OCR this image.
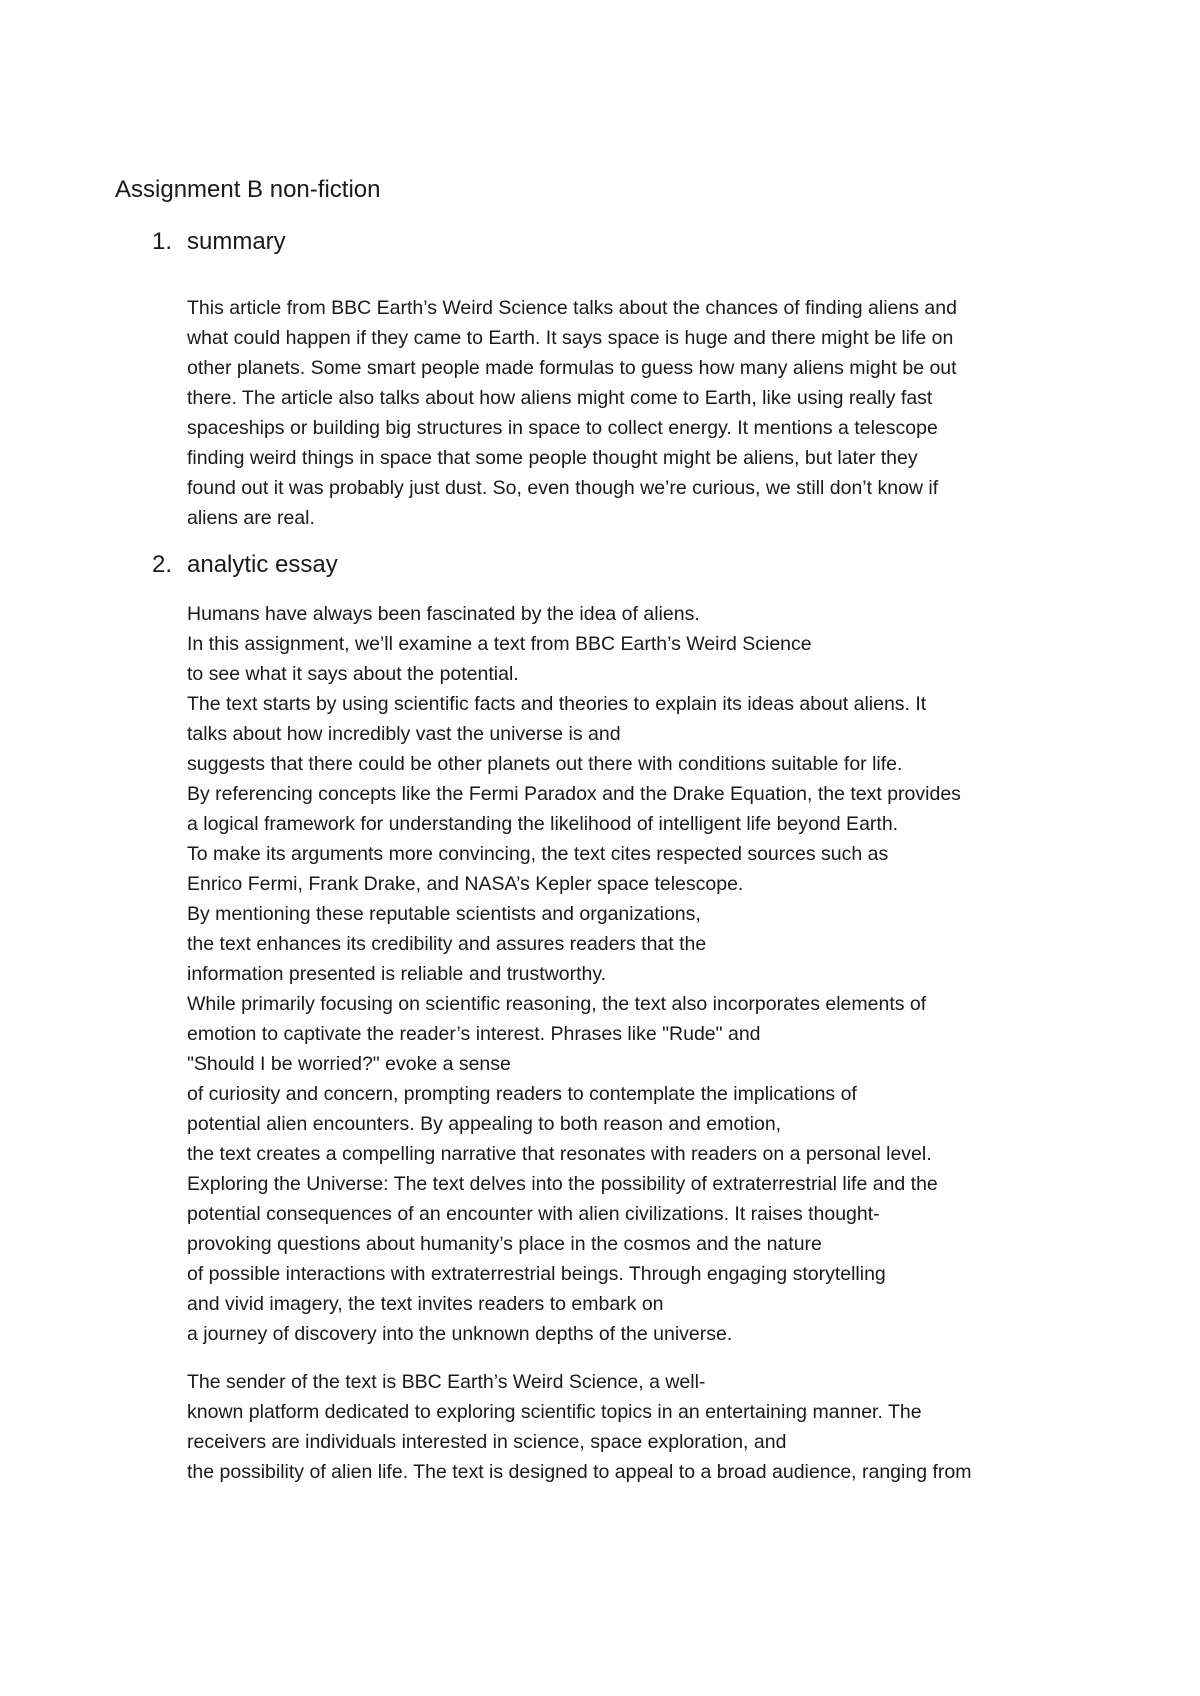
Assignment B non-fiction
1. summary
This article from BBC Earth’s Weird Science talks about the chances of finding aliens and
what could happen if they came to Earth. It says space is huge and there might be life on
other planets. Some smart people made formulas to guess how many aliens might be out
there. The article also talks about how aliens might come to Earth, like using really fast
spaceships or building big structures in space to collect energy. It mentions a telescope
finding weird things in space that some people thought might be aliens, but later they
found out it was probably just dust. So, even though we’re curious, we still don’t know if
aliens are real.
2. analytic essay
Humans have always been fascinated by the idea of aliens.
In this assignment, we’ll examine a text from BBC Earth’s Weird Science
to see what it says about the potential.
The text starts by using scientific facts and theories to explain its ideas about aliens. It
talks about how incredibly vast the universe is and
suggests that there could be other planets out there with conditions suitable for life.
By referencing concepts like the Fermi Paradox and the Drake Equation, the text provides
a logical framework for understanding the likelihood of intelligent life beyond Earth.
To make its arguments more convincing, the text cites respected sources such as
Enrico Fermi, Frank Drake, and NASA’s Kepler space telescope.
By mentioning these reputable scientists and organizations,
the text enhances its credibility and assures readers that the
information presented is reliable and trustworthy.
While primarily focusing on scientific reasoning, the text also incorporates elements of
emotion to captivate the reader’s interest. Phrases like "Rude" and
"Should I be worried?" evoke a sense
of curiosity and concern, prompting readers to contemplate the implications of
potential alien encounters. By appealing to both reason and emotion,
the text creates a compelling narrative that resonates with readers on a personal level.
Exploring the Universe: The text delves into the possibility of extraterrestrial life and the
potential consequences of an encounter with alien civilizations. It raises thought-
provoking questions about humanity’s place in the cosmos and the nature
of possible interactions with extraterrestrial beings. Through engaging storytelling
and vivid imagery, the text invites readers to embark on
a journey of discovery into the unknown depths of the universe.
The sender of the text is BBC Earth’s Weird Science, a well-
known platform dedicated to exploring scientific topics in an entertaining manner. The
receivers are individuals interested in science, space exploration, and
the possibility of alien life. The text is designed to appeal to a broad audience, ranging from
